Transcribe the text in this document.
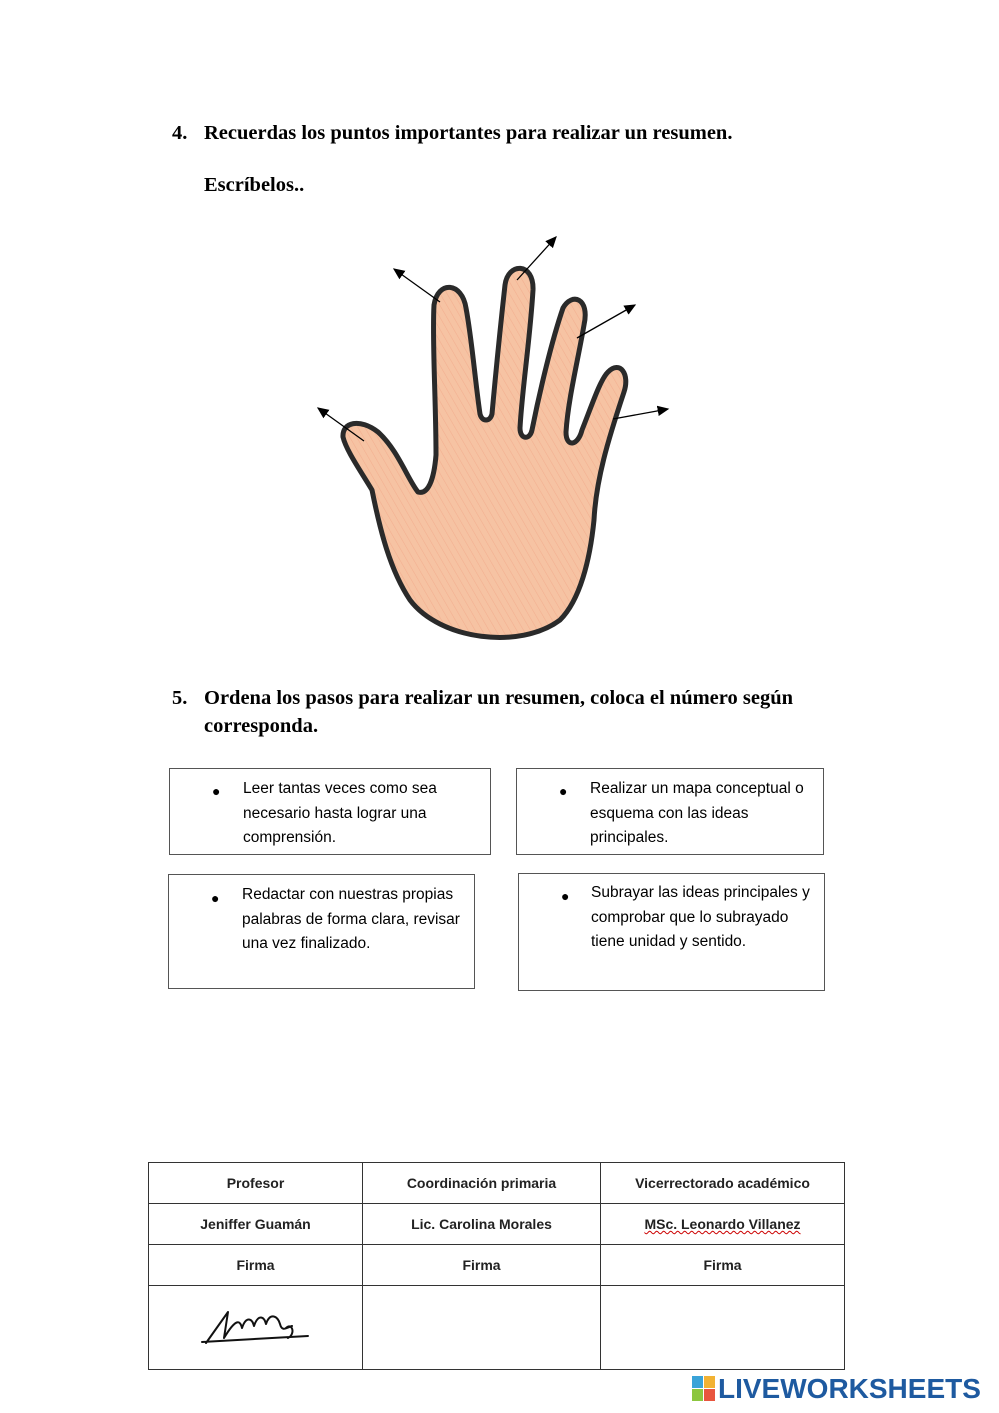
4. Recuerdas los puntos importantes para realizar un resumen.
Escríbelos..
5. Ordena los pasos para realizar un resumen, coloca el número según corresponda.
● Leer tantas veces como sea necesario hasta lograr una comprensión.
● Realizar un mapa conceptual o esquema con las ideas principales.
● Redactar con nuestras propias palabras de forma clara, revisar una vez finalizado.
● Subrayar las ideas principales y comprobar que lo subrayado tiene unidad y sentido.
Profesor	Coordinación primaria	Vicerrectorado académico
Jeniffer Guamán	Lic. Carolina Morales	MSc. Leonardo Villanez
Firma	Firma	Firma

LIVEWORKSHEETS
